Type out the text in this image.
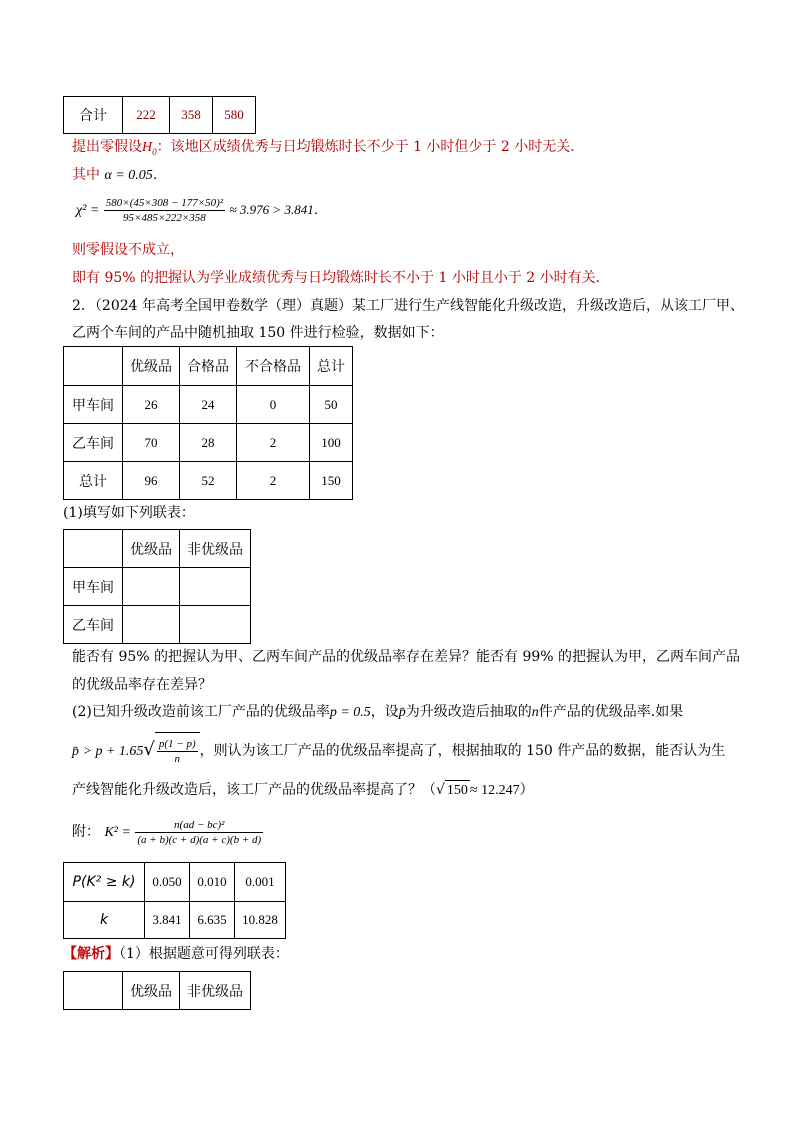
合计	222	358	580
提出零假设$H_0$：该地区成绩优秀与日均锻炼时长不少于 1 小时但少于 2 小时无关．
其中 α = 0.05．
$\chi^2 = \frac{\text{580×(45×308 − 177×50)²}}{95\times 485\times 222\times 358} \approx 3.976 > 3.841$．
则零假设不成立，
即有 95% 的把握认为学业成绩优秀与日均锻炼时长不小于 1 小时且小于 2 小时有关．
2．（2024 年高考全国甲卷数学（理）真题）某工厂进行生产线智能化升级改造，升级改造后，从该工厂甲、
乙两个车间的产品中随机抽取 150 件进行检验，数据如下：
	优级品	合格品	不合格品	总计
甲车间	26	24	0	50
乙车间	70	28	2	100
总计	96	52	2	150
(1)填写如下列联表：
	优级品	非优级品
甲车间		
乙车间		
能否有 95% 的把握认为甲、乙两车间产品的优级品率存在差异？能否有 99% 的把握认为甲，乙两车间产品
的优级品率存在差异？
(2)已知升级改造前该工厂产品的优级品率p = 0.5，设p̄为升级改造后抽取的n件产品的优级品率.如果
p̄ > $p + 1.65√ \frac{p(1 - p)}{n}$ ，则认为该工厂产品的优级品率提高了，根据抽取的 150 件产品的数据，能否认为生
产线智能化升级改造后，该工厂产品的优级品率提高了？（√ 150 ≈ 12.247）
附： $K^2 = \frac{\text{n(ad − bc)²}}{(a + b)(c + d)(a + c)(b + d)}$
P(K² ≥ k)	0.050	0.010	0.001
k	3.841	6.635	10.828
【解析】（1）根据题意可得列联表：
	优级品	非优级品
